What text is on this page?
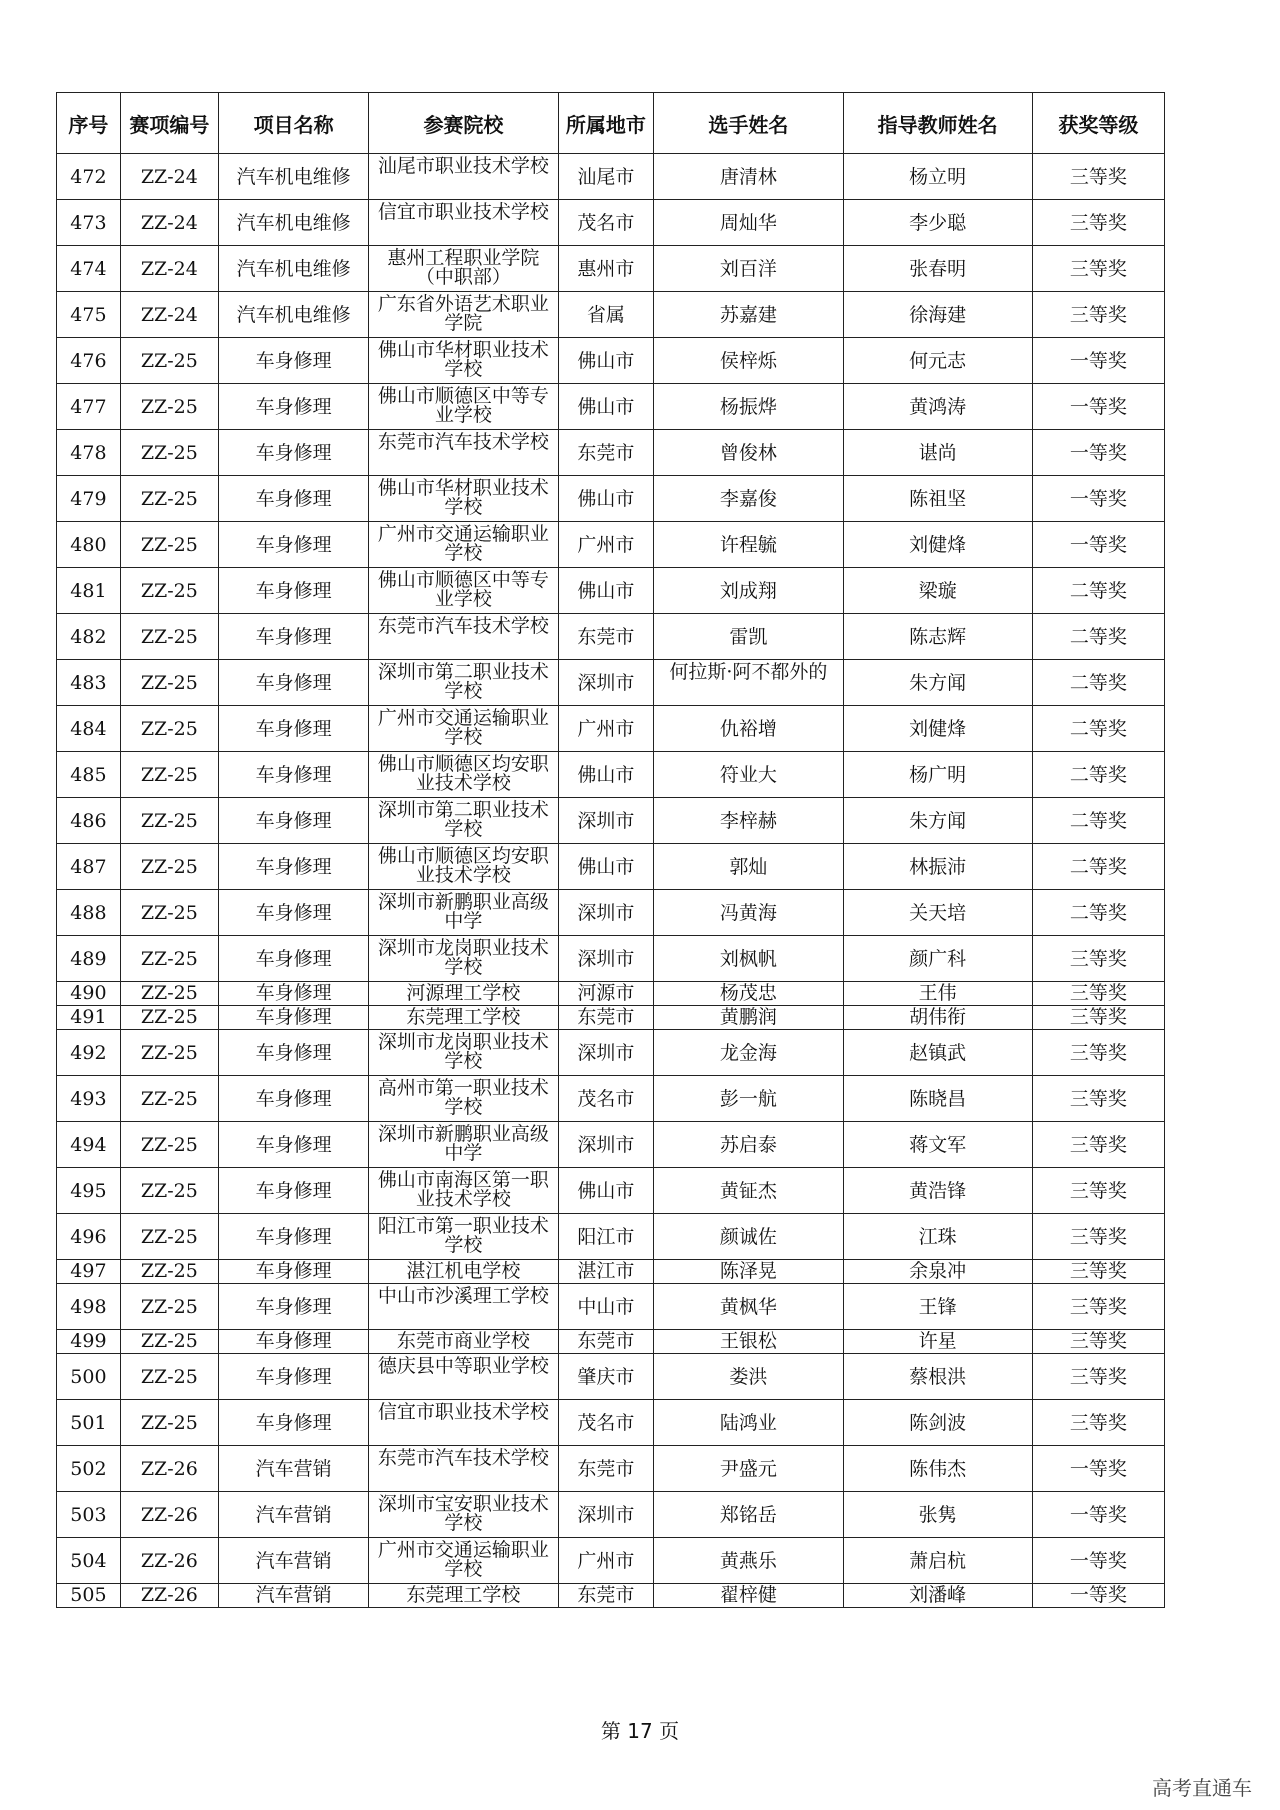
序号	赛项编号	项目名称	参赛院校	所属地市	选手姓名	指导教师姓名	获奖等级
472	ZZ-24	汽车机电维修	汕尾市职业技术学校	汕尾市	唐清林	杨立明	三等奖
473	ZZ-24	汽车机电维修	信宜市职业技术学校	茂名市	周灿华	李少聪	三等奖
474	ZZ-24	汽车机电维修	惠州工程职业学院（中职部）	惠州市	刘百洋	张春明	三等奖
475	ZZ-24	汽车机电维修	广东省外语艺术职业学院	省属	苏嘉建	徐海建	三等奖
476	ZZ-25	车身修理	佛山市华材职业技术学校	佛山市	侯梓烁	何元志	一等奖
477	ZZ-25	车身修理	佛山市顺德区中等专业学校	佛山市	杨振烨	黄鸿涛	一等奖
478	ZZ-25	车身修理	东莞市汽车技术学校	东莞市	曾俊林	谌尚	一等奖
479	ZZ-25	车身修理	佛山市华材职业技术学校	佛山市	李嘉俊	陈祖坚	一等奖
480	ZZ-25	车身修理	广州市交通运输职业学校	广州市	许程毓	刘健烽	一等奖
481	ZZ-25	车身修理	佛山市顺德区中等专业学校	佛山市	刘成翔	梁璇	二等奖
482	ZZ-25	车身修理	东莞市汽车技术学校	东莞市	雷凯	陈志辉	二等奖
483	ZZ-25	车身修理	深圳市第二职业技术学校	深圳市	何拉斯·阿不都外的	朱方闻	二等奖
484	ZZ-25	车身修理	广州市交通运输职业学校	广州市	仇裕增	刘健烽	二等奖
485	ZZ-25	车身修理	佛山市顺德区均安职业技术学校	佛山市	符业大	杨广明	二等奖
486	ZZ-25	车身修理	深圳市第二职业技术学校	深圳市	李梓赫	朱方闻	二等奖
487	ZZ-25	车身修理	佛山市顺德区均安职业技术学校	佛山市	郭灿	林振沛	二等奖
488	ZZ-25	车身修理	深圳市新鹏职业高级中学	深圳市	冯黄海	关天培	二等奖
489	ZZ-25	车身修理	深圳市龙岗职业技术学校	深圳市	刘枫帆	颜广科	三等奖
490	ZZ-25	车身修理	河源理工学校	河源市	杨茂忠	王伟	三等奖
491	ZZ-25	车身修理	东莞理工学校	东莞市	黄鹏润	胡伟衔	三等奖
492	ZZ-25	车身修理	深圳市龙岗职业技术学校	深圳市	龙金海	赵镇武	三等奖
493	ZZ-25	车身修理	高州市第一职业技术学校	茂名市	彭一航	陈晓昌	三等奖
494	ZZ-25	车身修理	深圳市新鹏职业高级中学	深圳市	苏启泰	蒋文军	三等奖
495	ZZ-25	车身修理	佛山市南海区第一职业技术学校	佛山市	黄钲杰	黄浩锋	三等奖
496	ZZ-25	车身修理	阳江市第一职业技术学校	阳江市	颜诚佐	江珠	三等奖
497	ZZ-25	车身修理	湛江机电学校	湛江市	陈泽晃	余泉冲	三等奖
498	ZZ-25	车身修理	中山市沙溪理工学校	中山市	黄枫华	王锋	三等奖
499	ZZ-25	车身修理	东莞市商业学校	东莞市	王银松	许星	三等奖
500	ZZ-25	车身修理	德庆县中等职业学校	肇庆市	娄洪	蔡根洪	三等奖
501	ZZ-25	车身修理	信宜市职业技术学校	茂名市	陆鸿业	陈剑波	三等奖
502	ZZ-26	汽车营销	东莞市汽车技术学校	东莞市	尹盛元	陈伟杰	一等奖
503	ZZ-26	汽车营销	深圳市宝安职业技术学校	深圳市	郑铭岳	张隽	一等奖
504	ZZ-26	汽车营销	广州市交通运输职业学校	广州市	黄燕乐	萧启杭	一等奖
505	ZZ-26	汽车营销	东莞理工学校	东莞市	翟梓健	刘潘峰	一等奖
第 17 页
高考直通车
